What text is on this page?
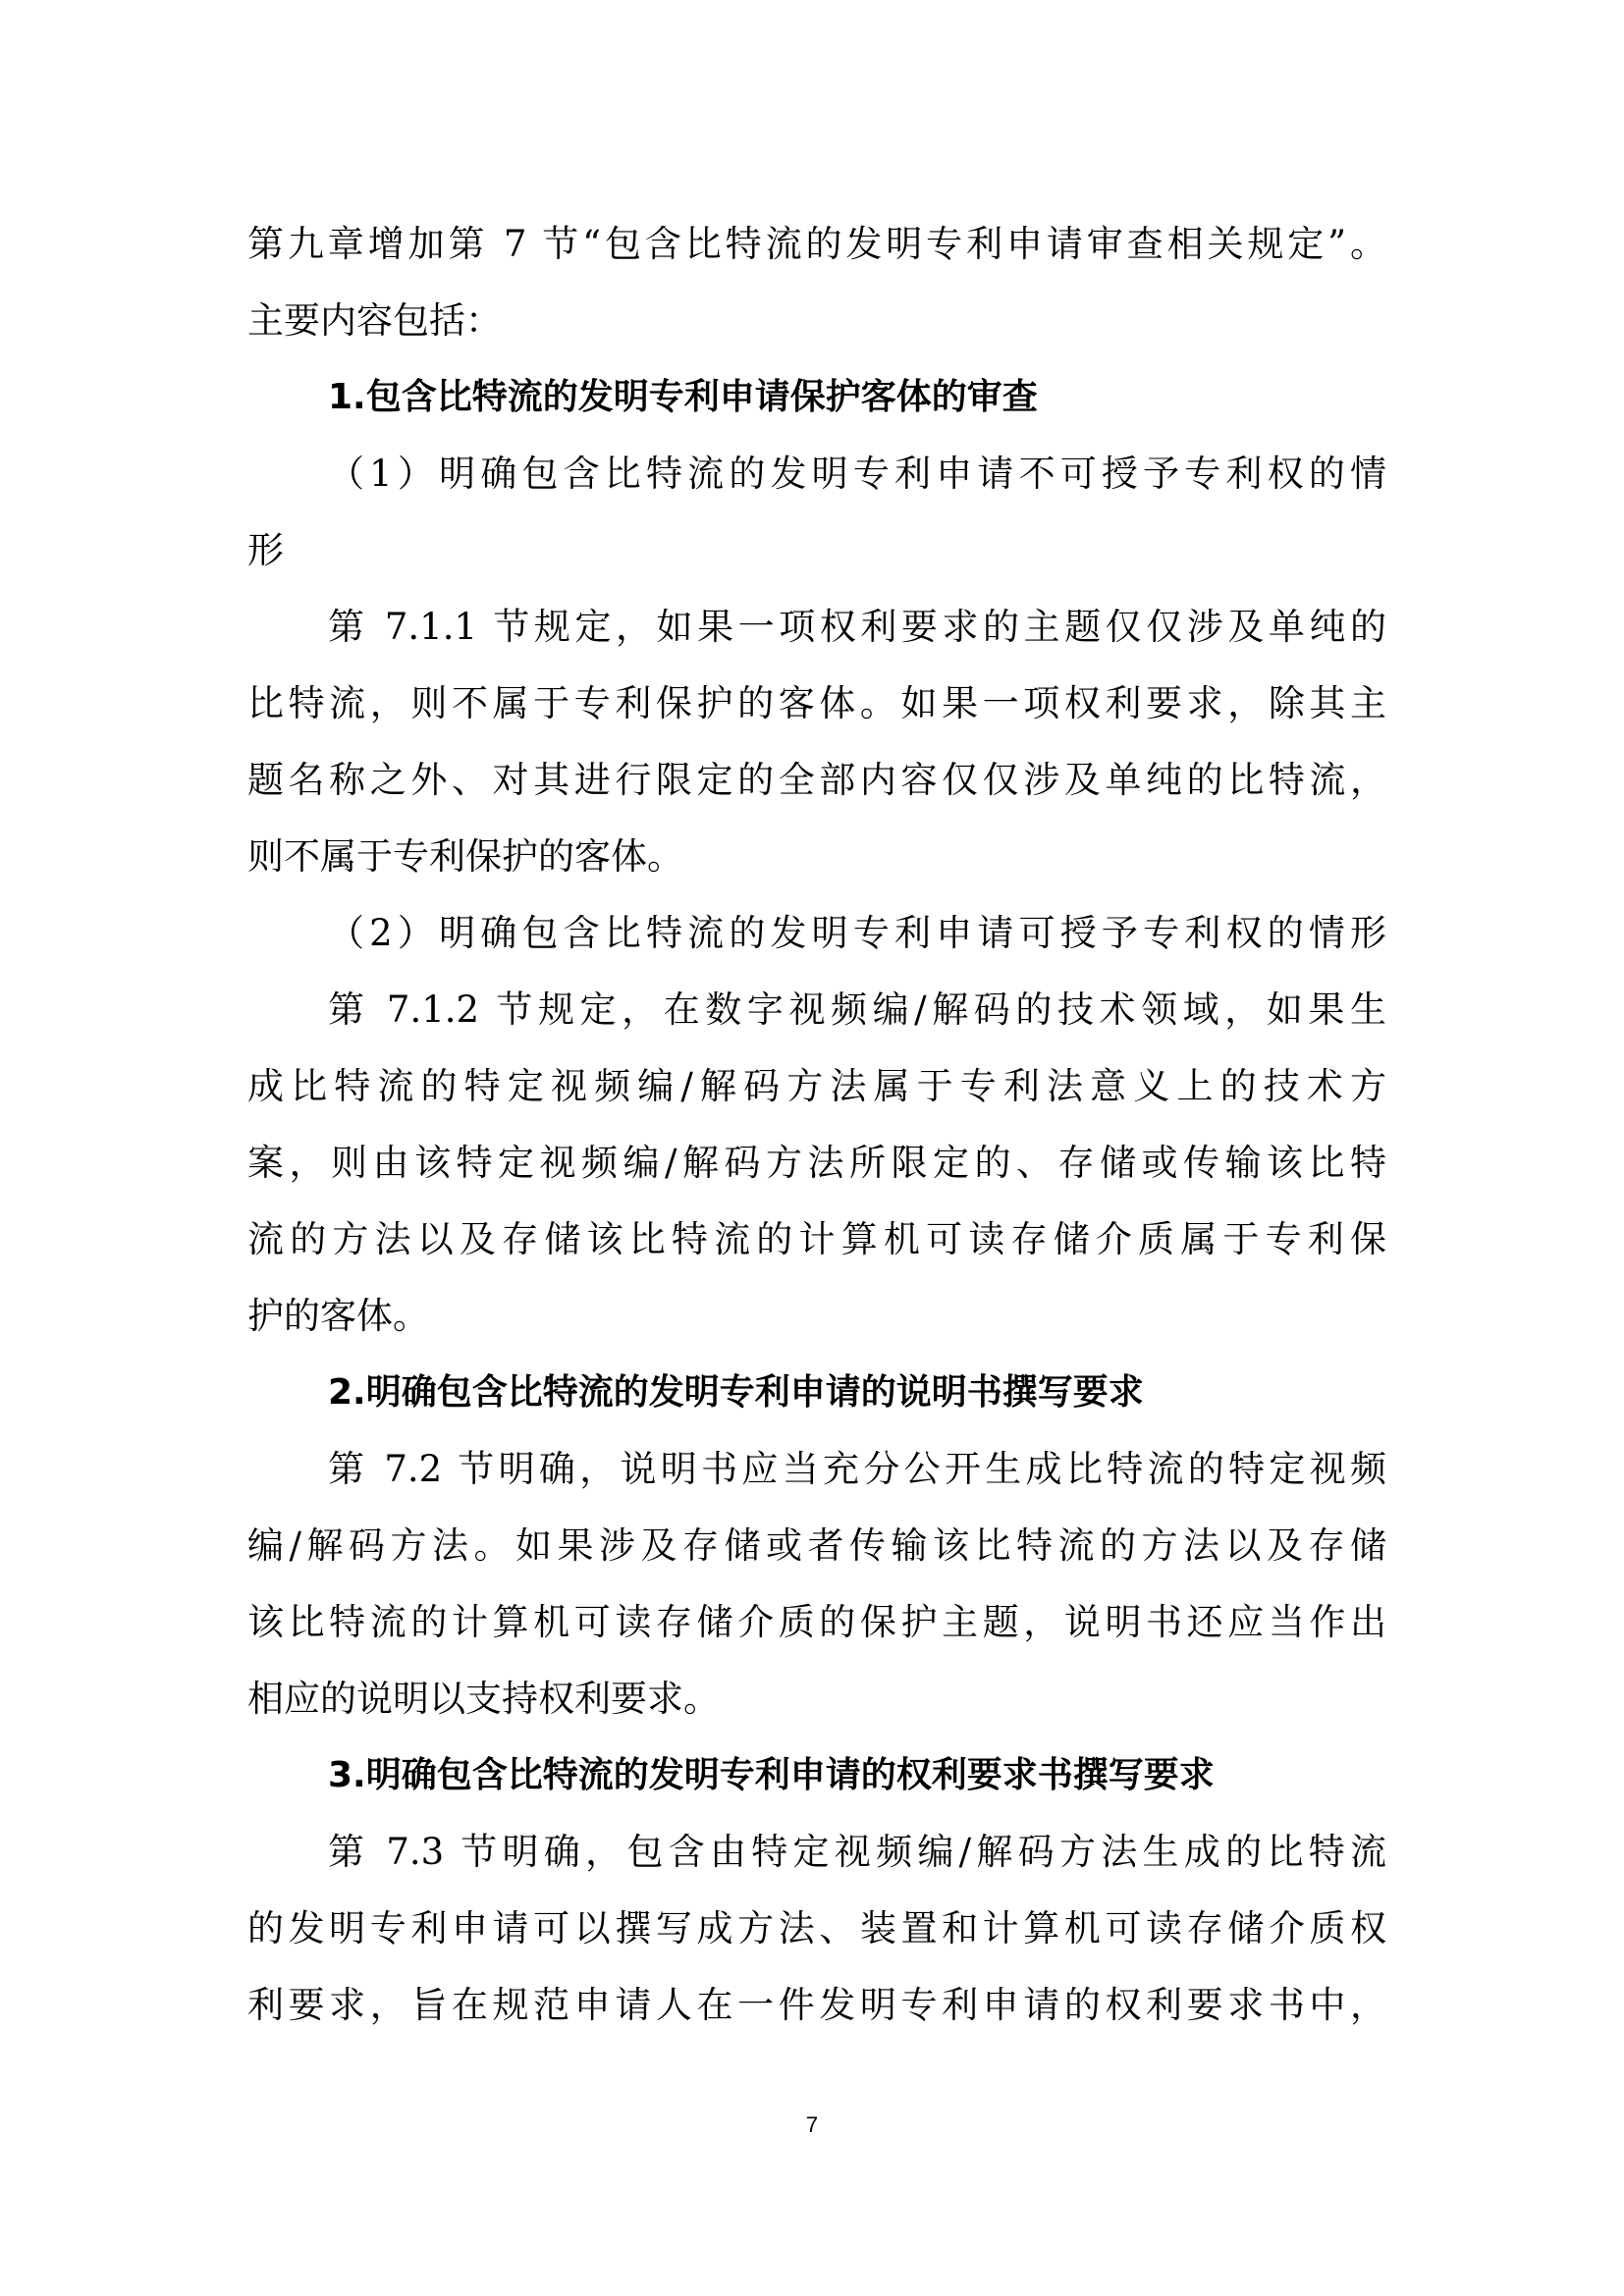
第九章增加第 7 节“包含比特流的发明专利申请审查相关规定”。
主要内容包括：
1.包含比特流的发明专利申请保护客体的审查
（1）明确包含比特流的发明专利申请不可授予专利权的情
形
第 7.1.1 节规定，如果一项权利要求的主题仅仅涉及单纯的
比特流，则不属于专利保护的客体。如果一项权利要求，除其主
题名称之外、对其进行限定的全部内容仅仅涉及单纯的比特流，
则不属于专利保护的客体。
（2）明确包含比特流的发明专利申请可授予专利权的情形
第 7.1.2 节规定，在数字视频编/解码的技术领域，如果生
成比特流的特定视频编/解码方法属于专利法意义上的技术方
案，则由该特定视频编/解码方法所限定的、存储或传输该比特
流的方法以及存储该比特流的计算机可读存储介质属于专利保
护的客体。
2.明确包含比特流的发明专利申请的说明书撰写要求
第 7.2 节明确，说明书应当充分公开生成比特流的特定视频
编/解码方法。如果涉及存储或者传输该比特流的方法以及存储
该比特流的计算机可读存储介质的保护主题，说明书还应当作出
相应的说明以支持权利要求。
3.明确包含比特流的发明专利申请的权利要求书撰写要求
第 7.3 节明确，包含由特定视频编/解码方法生成的比特流
的发明专利申请可以撰写成方法、装置和计算机可读存储介质权
利要求，旨在规范申请人在一件发明专利申请的权利要求书中，
7
